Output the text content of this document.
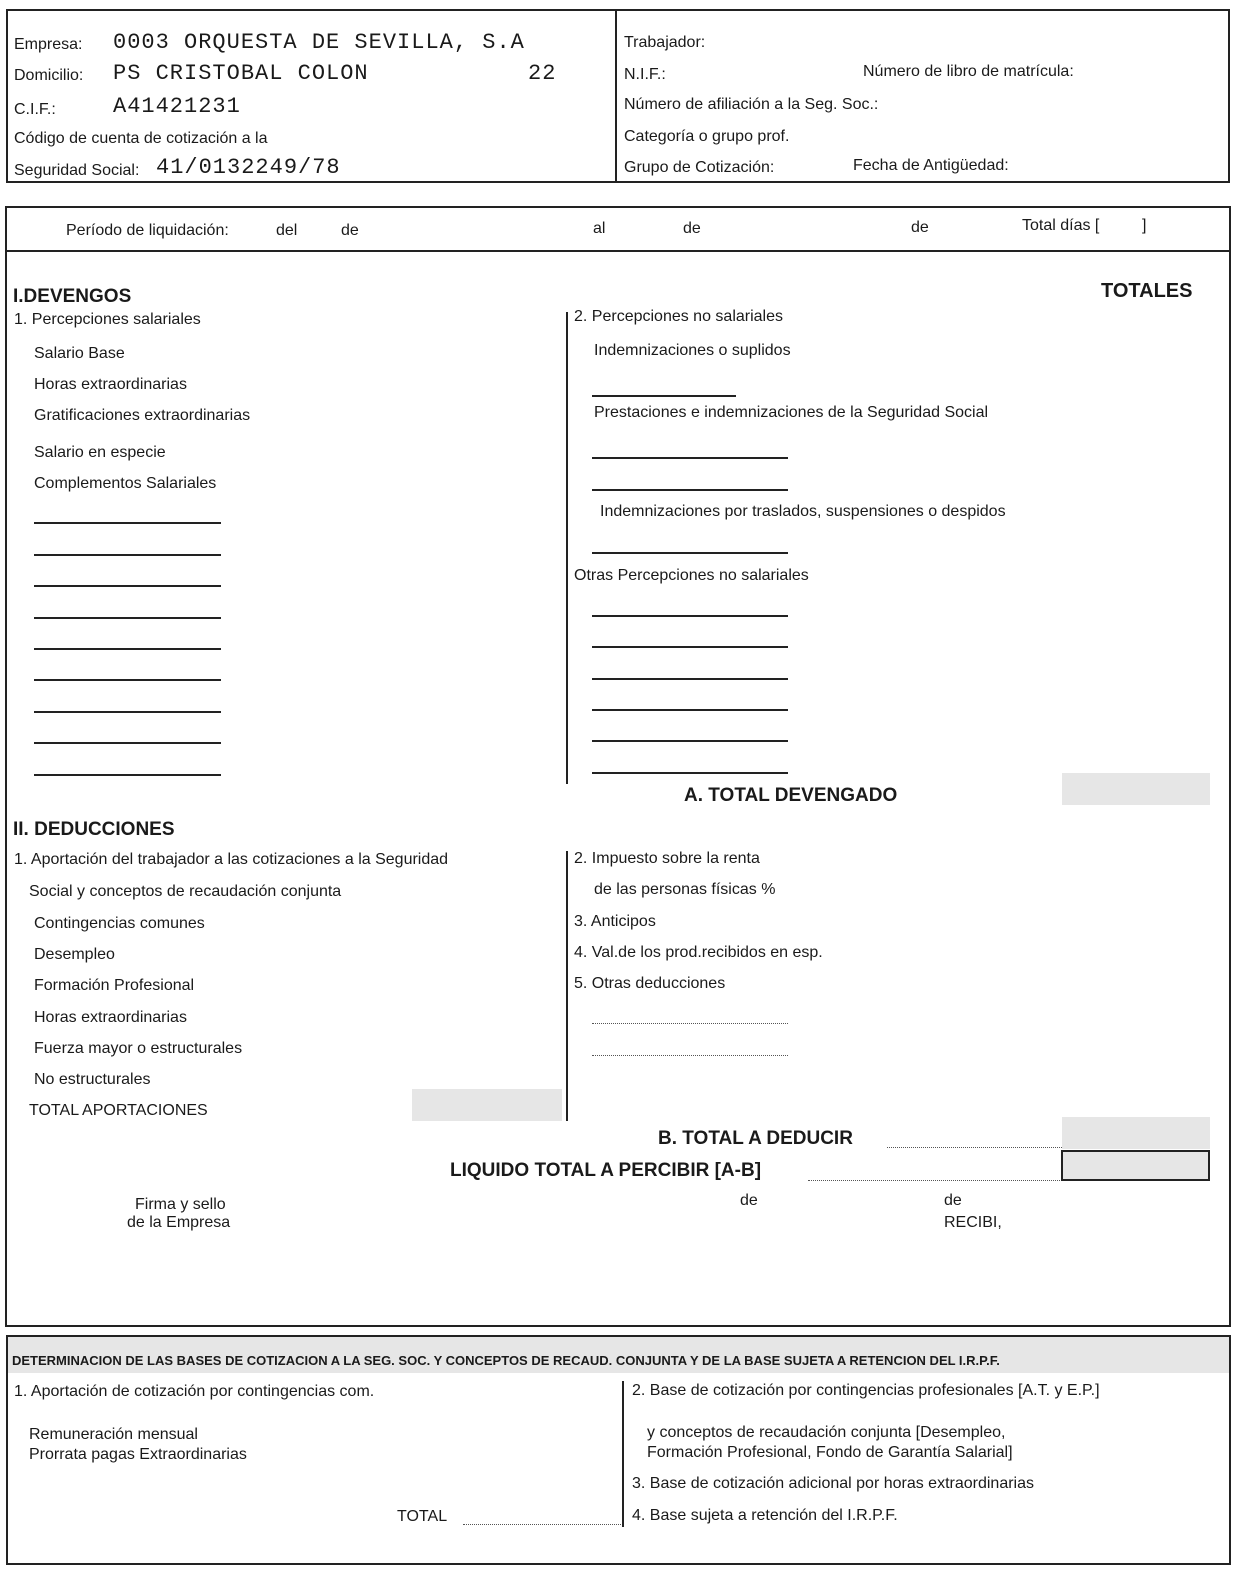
Empresa: 0003 ORQUESTA DE SEVILLA, S.A
Domicilio: PS CRISTOBAL COLON	22
C.I.F.:	A41421231
Código de cuenta de cotización a la
Seguridad Social: 41/0132249/78
Trabajador:
N.I.F.:	Número de libro de matrícula:
Número de afiliación a la Seg. Soc.:
Categoría o grupo prof.
Grupo de Cotización:	Fecha de Antigüedad:
Período de liquidación:	del	de	al	de	de	Total días [	]
I.DEVENGOS	TOTALES
1. Percepciones salariales
Salario Base
Horas extraordinarias
Gratificaciones extraordinarias
Salario en especie
Complementos Salariales
2. Percepciones no salariales
Indemnizaciones o suplidos
Prestaciones e indemnizaciones de la Seguridad Social
Indemnizaciones por traslados, suspensiones o despidos
Otras Percepciones no salariales
A. TOTAL DEVENGADO
II. DEDUCCIONES
1. Aportación del trabajador a las cotizaciones a la Seguridad
Social y conceptos de recaudación conjunta
Contingencias comunes
Desempleo
Formación Profesional
Horas extraordinarias
Fuerza mayor o estructurales
No estructurales
TOTAL APORTACIONES
2. Impuesto sobre la renta
de las personas físicas %
3. Anticipos
4. Val.de los prod.recibidos en esp.
5. Otras deducciones
B. TOTAL A DEDUCIR
LIQUIDO TOTAL A PERCIBIR [A-B]
Firma y sello
de la Empresa
de	de
RECIBI,
DETERMINACION DE LAS BASES DE COTIZACION A LA SEG. SOC. Y CONCEPTOS DE RECAUD. CONJUNTA Y DE LA BASE SUJETA A RETENCION DEL I.R.P.F.
1. Aportación de cotización por contingencias com.
Remuneración mensual
Prorrata pagas Extraordinarias
TOTAL
2. Base de cotización por contingencias profesionales [A.T. y E.P.]
y conceptos de recaudación conjunta [Desempleo,
Formación Profesional, Fondo de Garantía Salarial]
3. Base de cotización adicional por horas extraordinarias
4. Base sujeta a retención del I.R.P.F.
